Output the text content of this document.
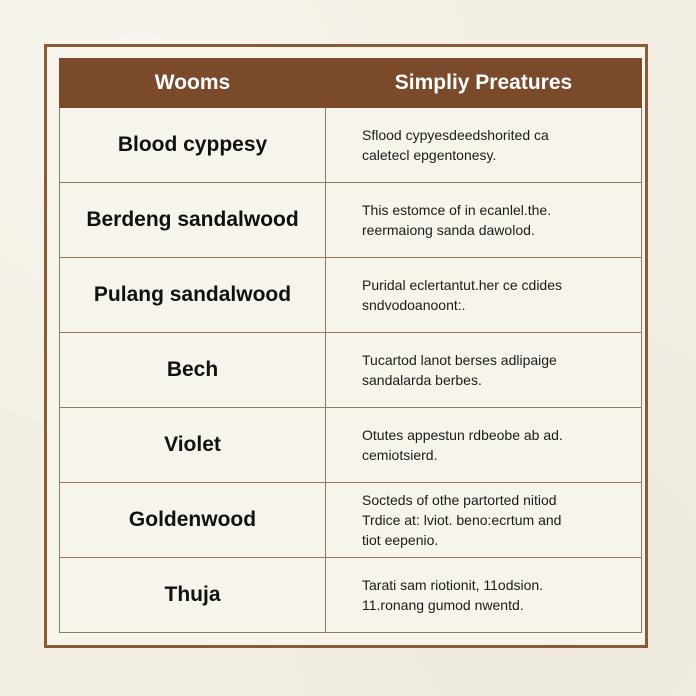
Wooms	Simpliy Preatures
Blood cyppesy	Sflood cypyesdeedshorited ca
caletecl epgentonesy.

Berdeng sandalwood	This estomce of in ecanlel.the.
reermaiong sanda dawolod.

Pulang sandalwood	Puridal eclertantut.her ce cdides
sndvodoanoont:.

Bech	Tucartod lanot berses adlipaige
sandalarda berbes.

Violet	Otutes appestun rdbeobe ab ad.
cemiotsierd.

Goldenwood	Socteds of othe partorted nitiod
Trdice at: lviot. beno:ecrtum and
tiot eepenio.

Thuja	Tarati sam riotionit, 11odsion.
11.ronang gumod nwentd.
